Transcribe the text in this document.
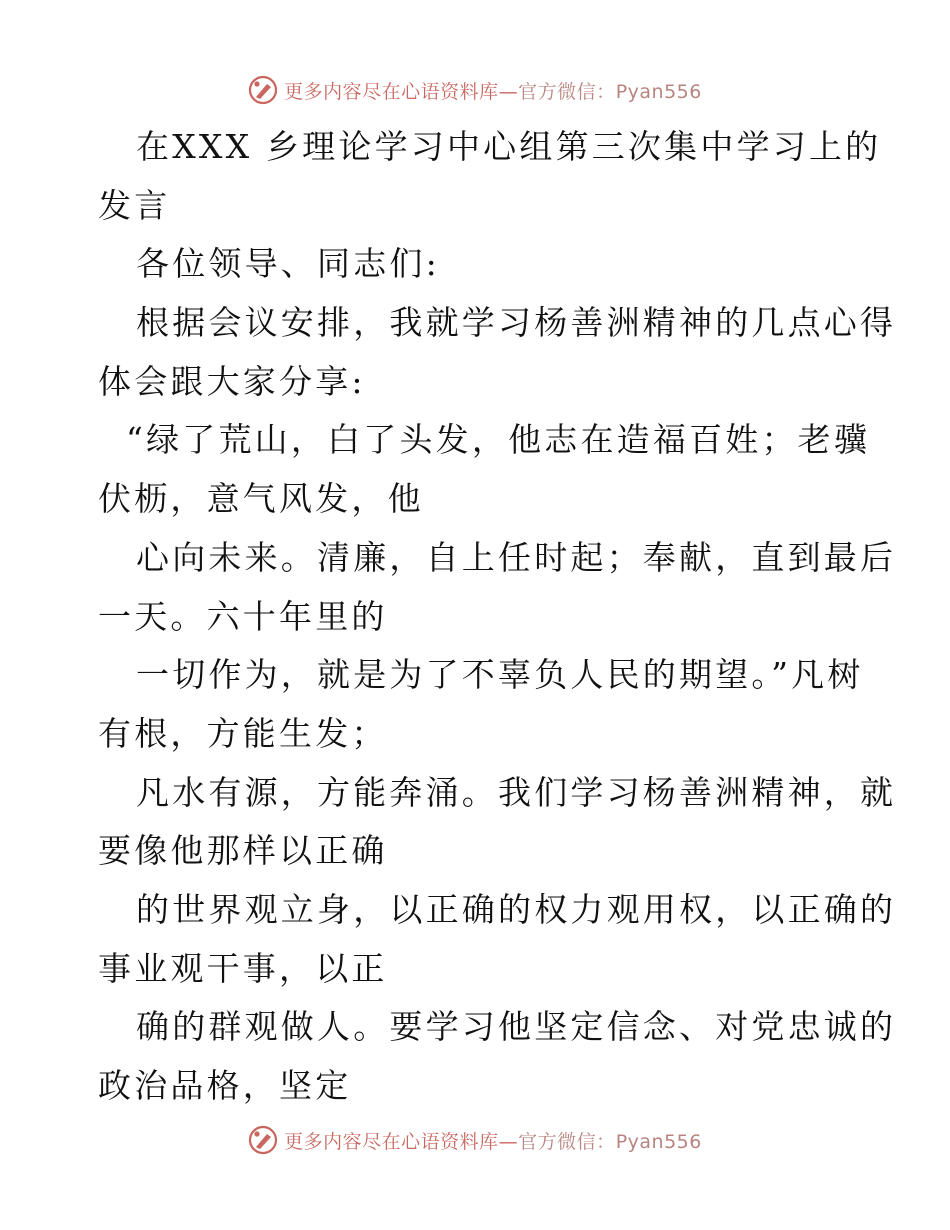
更多内容尽在心语资料库—官方微信：Pyan556
在XXX 乡理论学习中心组第三次集中学习上的
发言
各位领导、同志们:
根据会议安排，我就学习杨善洲精神的几点心得
体会跟大家分享:
“绿了荒山，白了头发，他志在造福百姓；老骥
伏枥，意气风发，他
心向未来。清廉，自上任时起；奉献，直到最后
一天。六十年里的
一切作为，就是为了不辜负人民的期望。”凡树
有根，方能生发；
凡水有源，方能奔涌。我们学习杨善洲精神，就
要像他那样以正确
的世界观立身，以正确的权力观用权，以正确的
事业观干事，以正
确的群观做人。要学习他坚定信念、对党忠诚的
政治品格，坚定
更多内容尽在心语资料库—官方微信：Pyan556
